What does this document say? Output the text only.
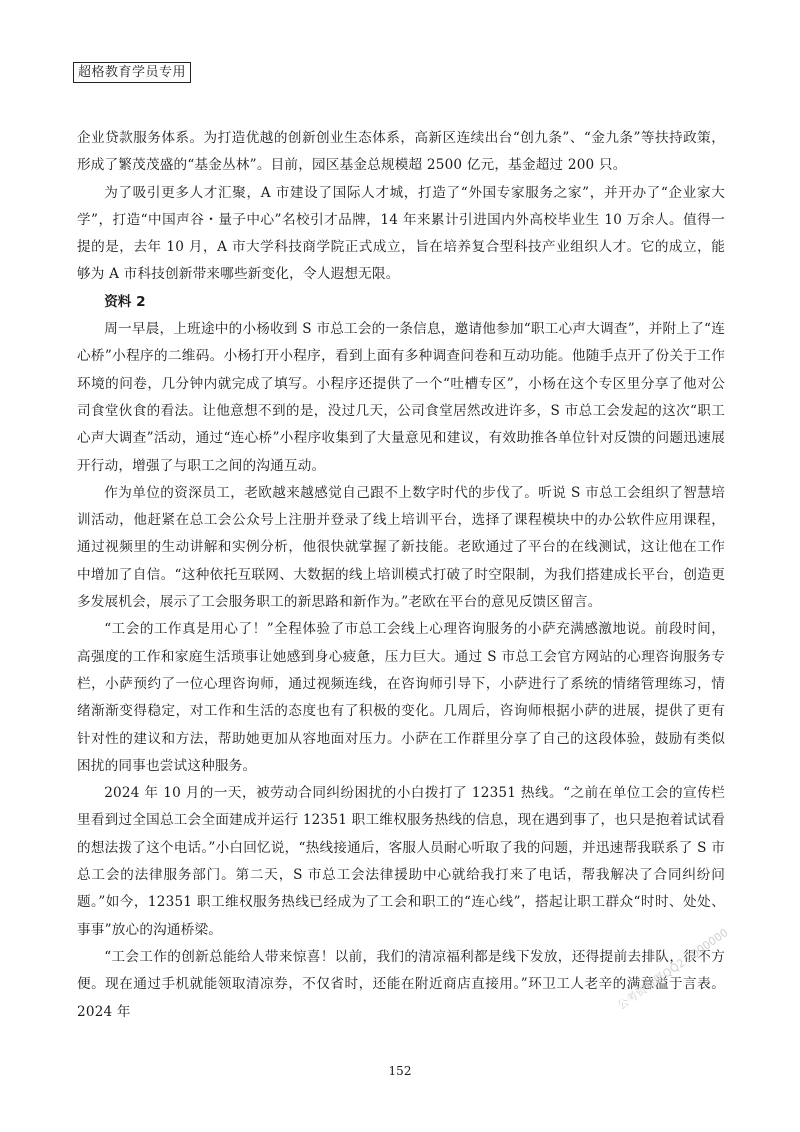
超格教育学员专用

企业贷款服务体系。为打造优越的创新创业生态体系，高新区连续出台“创九条”、“金九条”等扶持政策，形成了繁茂茂盛的“基金丛林”。目前，园区基金总规模超 2500 亿元，基金超过 200 只。

为了吸引更多人才汇聚，A 市建设了国际人才城，打造了“外国专家服务之家”，并开办了“企业家大学”，打造“中国声谷・量子中心”名校引才品牌，14 年来累计引进国内外高校毕业生 10 万余人。值得一提的是，去年 10 月，A 市大学科技商学院正式成立，旨在培养复合型科技产业组织人才。它的成立，能够为 A 市科技创新带来哪些新变化，令人遐想无限。

资料 2

周一早晨，上班途中的小杨收到 S 市总工会的一条信息，邀请他参加“职工心声大调查”，并附上了“连心桥”小程序的二维码。小杨打开小程序，看到上面有多种调查问卷和互动功能。他随手点开了份关于工作环境的问卷，几分钟内就完成了填写。小程序还提供了一个“吐槽专区”，小杨在这个专区里分享了他对公司食堂伙食的看法。让他意想不到的是，没过几天，公司食堂居然改进许多，S 市总工会发起的这次“职工心声大调查”活动，通过“连心桥”小程序收集到了大量意见和建议，有效助推各单位针对反馈的问题迅速展开行动，增强了与职工之间的沟通互动。

作为单位的资深员工，老欧越来越感觉自己跟不上数字时代的步伐了。听说 S 市总工会组织了智慧培训活动，他赶紧在总工会公众号上注册并登录了线上培训平台，选择了课程模块中的办公软件应用课程，通过视频里的生动讲解和实例分析，他很快就掌握了新技能。老欧通过了平台的在线测试，这让他在工作中增加了自信。“这种依托互联网、大数据的线上培训模式打破了时空限制，为我们搭建成长平台，创造更多发展机会，展示了工会服务职工的新思路和新作为。”老欧在平台的意见反馈区留言。

“工会的工作真是用心了！”全程体验了市总工会线上心理咨询服务的小萨充满感激地说。前段时间，高强度的工作和家庭生活琐事让她感到身心疲惫，压力巨大。通过 S 市总工会官方网站的心理咨询服务专栏，小萨预约了一位心理咨询师，通过视频连线，在咨询师引导下，小萨进行了系统的情绪管理练习，情绪渐渐变得稳定，对工作和生活的态度也有了积极的变化。几周后，咨询师根据小萨的进展，提供了更有针对性的建议和方法，帮助她更加从容地面对压力。小萨在工作群里分享了自己的这段体验，鼓励有类似困扰的同事也尝试这种服务。

2024 年 10 月的一天，被劳动合同纠纷困扰的小白拨打了 12351 热线。“之前在单位工会的宣传栏里看到过全国总工会全面建成并运行 12351 职工维权服务热线的信息，现在遇到事了，也只是抱着试试看的想法拨了这个电话。”小白回忆说，“热线接通后，客服人员耐心听取了我的问题，并迅速帮我联系了 S 市总工会的法律服务部门。第二天，S 市总工会法律援助中心就给我打来了电话，帮我解决了合同纠纷问题。”如今，12351 职工维权服务热线已经成为了工会和职工的“连心线”，搭起让职工群众“时时、处处、事事”放心的沟通桥梁。

“工会工作的创新总能给人带来惊喜！以前，我们的清凉福利都是线下发放，还得提前去排队，很不方便。现在通过手机就能领取清凉券，不仅省时，还能在附近商店直接用。”环卫工人老辛的满意溢于言表。2024 年	公考资料群QQ2 0000000
152
